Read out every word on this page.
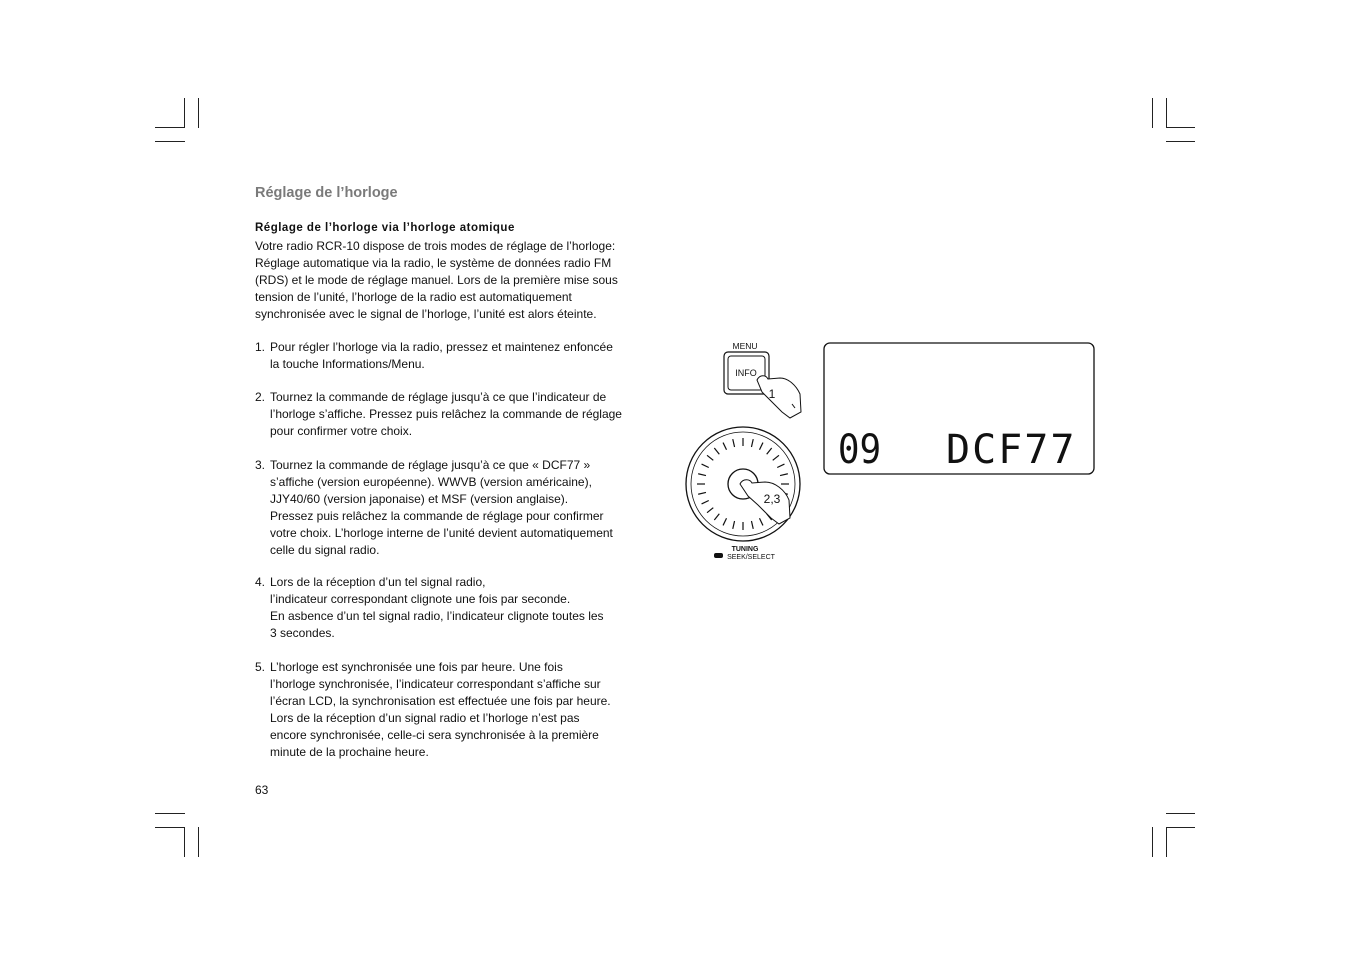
Réglage de l’horloge
Réglage de l’horloge via l’horloge atomique
Votre radio RCR-10 dispose de trois modes de réglage de l’horloge:
Réglage automatique via la radio, le système de données radio FM
(RDS) et le mode de réglage manuel. Lors de la première mise sous
tension de l’unité, l’horloge de la radio est automatiquement
synchronisée avec le signal de l’horloge, l’unité est alors éteinte.
1. Pour régler l’horloge via la radio, pressez et maintenez enfoncée
la touche Informations/Menu.
2. Tournez la commande de réglage jusqu’à ce que l’indicateur de
l’horloge s’affiche. Pressez puis relâchez la commande de réglage
pour confirmer votre choix.
3. Tournez la commande de réglage jusqu’à ce que « DCF77 »
s’affiche (version européenne). WWVB (version américaine),
JJY40/60 (version japonaise) et MSF (version anglaise).
Pressez puis relâchez la commande de réglage pour confirmer
votre choix. L’horloge interne de l’unité devient automatiquement
celle du signal radio.
4. Lors de la réception d’un tel signal radio,
l’indicateur correspondant clignote une fois par seconde.
En asbence d’un tel signal radio, l’indicateur clignote toutes les
3 secondes.
5. L’horloge est synchronisée une fois par heure. Une fois
l’horloge synchronisée, l’indicateur correspondant s’affiche sur
l’écran LCD, la synchronisation est effectuée une fois par heure.
Lors de la réception d’un signal radio et l’horloge n’est pas
encore synchronisée, celle-ci sera synchronisée à la première
minute de la prochaine heure.
63
MENU
INFO
1
2,3
TUNING
SEEK/SELECT
09 DCF77
